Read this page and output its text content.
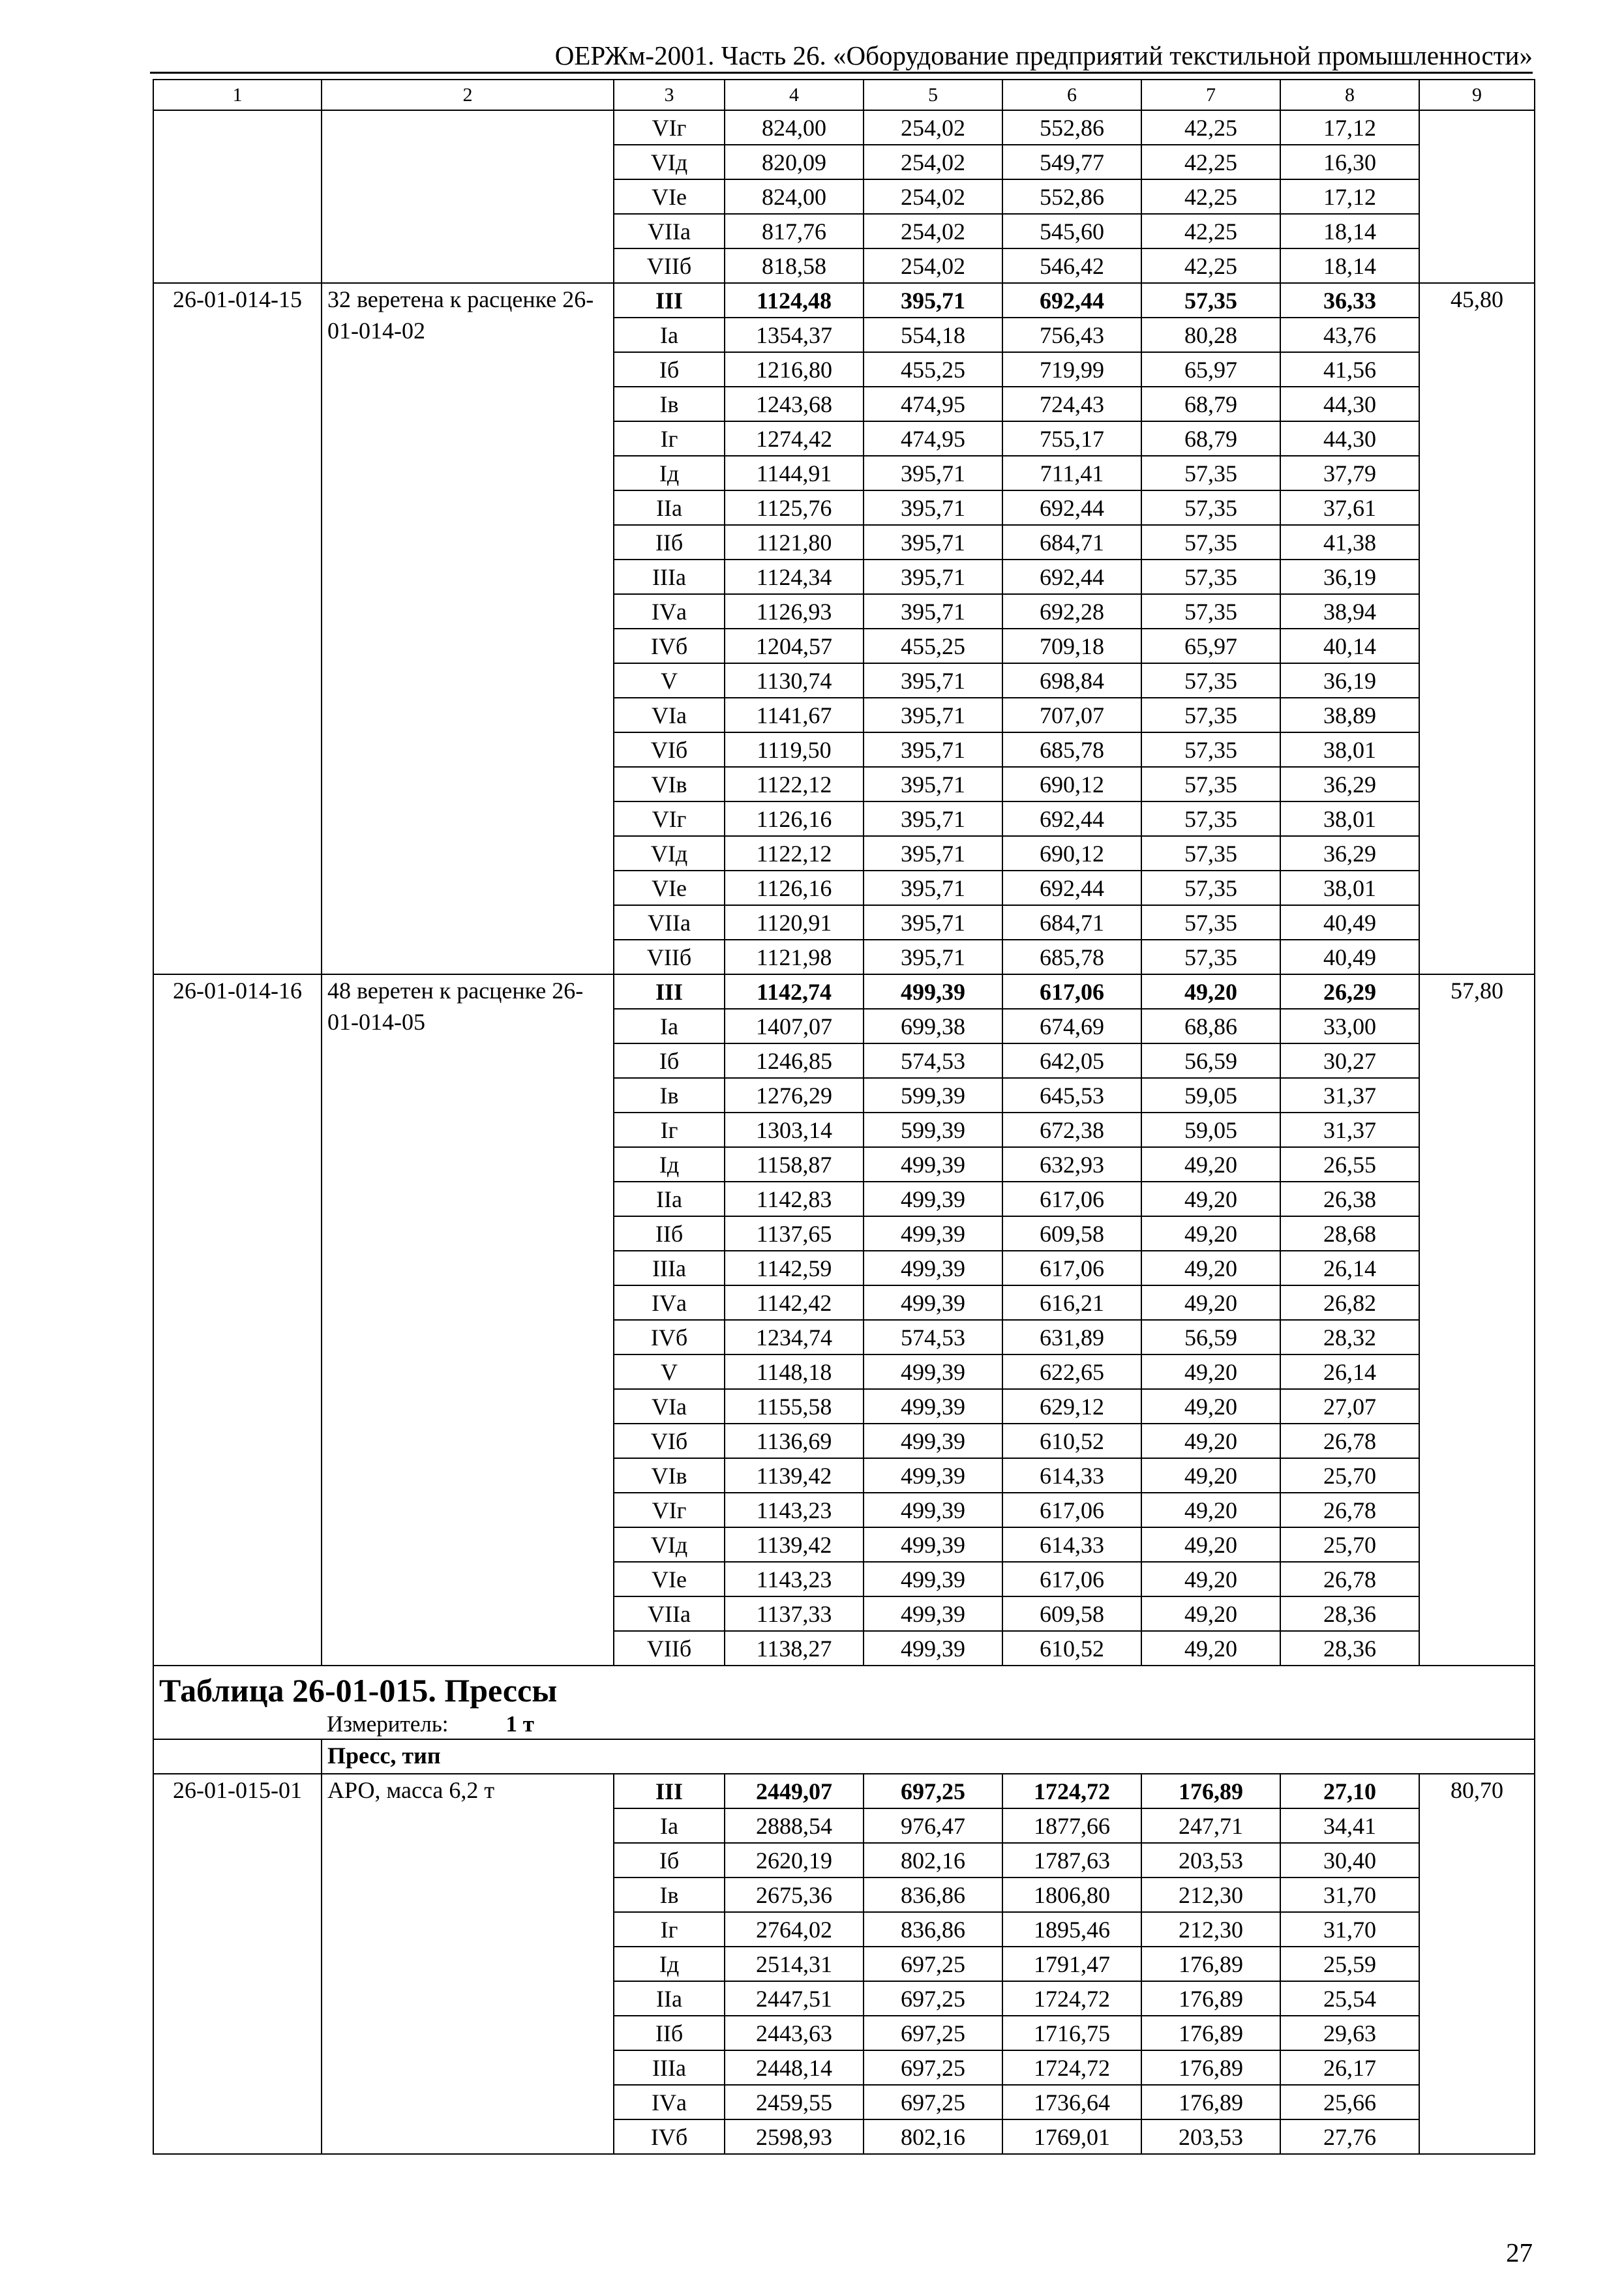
ОЕРЖм-2001. Часть 26. «Оборудование предприятий текстильной промышленности»
1	2	3	4	5	6	7	8	9
		VIг	824,00	254,02	552,86	42,25	17,12	
		VIд	820,09	254,02	549,77	42,25	16,30	
		VIе	824,00	254,02	552,86	42,25	17,12	
		VIIа	817,76	254,02	545,60	42,25	18,14	
		VIIб	818,58	254,02	546,42	42,25	18,14	
26-01-014-15	32 веретена к расценке 26-01-014-02	III	1124,48	395,71	692,44	57,35	36,33	45,80
		Iа	1354,37	554,18	756,43	80,28	43,76	
		Iб	1216,80	455,25	719,99	65,97	41,56	
		Iв	1243,68	474,95	724,43	68,79	44,30	
		Iг	1274,42	474,95	755,17	68,79	44,30	
		Iд	1144,91	395,71	711,41	57,35	37,79	
		IIа	1125,76	395,71	692,44	57,35	37,61	
		IIб	1121,80	395,71	684,71	57,35	41,38	
		IIIа	1124,34	395,71	692,44	57,35	36,19	
		IVа	1126,93	395,71	692,28	57,35	38,94	
		IVб	1204,57	455,25	709,18	65,97	40,14	
		V	1130,74	395,71	698,84	57,35	36,19	
		VIа	1141,67	395,71	707,07	57,35	38,89	
		VIб	1119,50	395,71	685,78	57,35	38,01	
		VIв	1122,12	395,71	690,12	57,35	36,29	
		VIг	1126,16	395,71	692,44	57,35	38,01	
		VIд	1122,12	395,71	690,12	57,35	36,29	
		VIе	1126,16	395,71	692,44	57,35	38,01	
		VIIа	1120,91	395,71	684,71	57,35	40,49	
		VIIб	1121,98	395,71	685,78	57,35	40,49	
26-01-014-16	48 веретен к расценке 26-01-014-05	III	1142,74	499,39	617,06	49,20	26,29	57,80
		Iа	1407,07	699,38	674,69	68,86	33,00	
		Iб	1246,85	574,53	642,05	56,59	30,27	
		Iв	1276,29	599,39	645,53	59,05	31,37	
		Iг	1303,14	599,39	672,38	59,05	31,37	
		Iд	1158,87	499,39	632,93	49,20	26,55	
		IIа	1142,83	499,39	617,06	49,20	26,38	
		IIб	1137,65	499,39	609,58	49,20	28,68	
		IIIа	1142,59	499,39	617,06	49,20	26,14	
		IVа	1142,42	499,39	616,21	49,20	26,82	
		IVб	1234,74	574,53	631,89	56,59	28,32	
		V	1148,18	499,39	622,65	49,20	26,14	
		VIа	1155,58	499,39	629,12	49,20	27,07	
		VIб	1136,69	499,39	610,52	49,20	26,78	
		VIв	1139,42	499,39	614,33	49,20	25,70	
		VIг	1143,23	499,39	617,06	49,20	26,78	
		VIд	1139,42	499,39	614,33	49,20	25,70	
		VIе	1143,23	499,39	617,06	49,20	26,78	
		VIIа	1137,33	499,39	609,58	49,20	28,36	
		VIIб	1138,27	499,39	610,52	49,20	28,36	

Таблица 26-01-015. Прессы
Измеритель: 1 т								

	Пресс, тип							
26-01-015-01	АРО, масса 6,2 т	III	2449,07	697,25	1724,72	176,89	27,10	80,70
		Iа	2888,54	976,47	1877,66	247,71	34,41	
		Iб	2620,19	802,16	1787,63	203,53	30,40	
		Iв	2675,36	836,86	1806,80	212,30	31,70	
		Iг	2764,02	836,86	1895,46	212,30	31,70	
		Iд	2514,31	697,25	1791,47	176,89	25,59	
		IIа	2447,51	697,25	1724,72	176,89	25,54	
		IIб	2443,63	697,25	1716,75	176,89	29,63	
		IIIа	2448,14	697,25	1724,72	176,89	26,17	
		IVа	2459,55	697,25	1736,64	176,89	25,66	
		IVб	2598,93	802,16	1769,01	203,53	27,76	
27
